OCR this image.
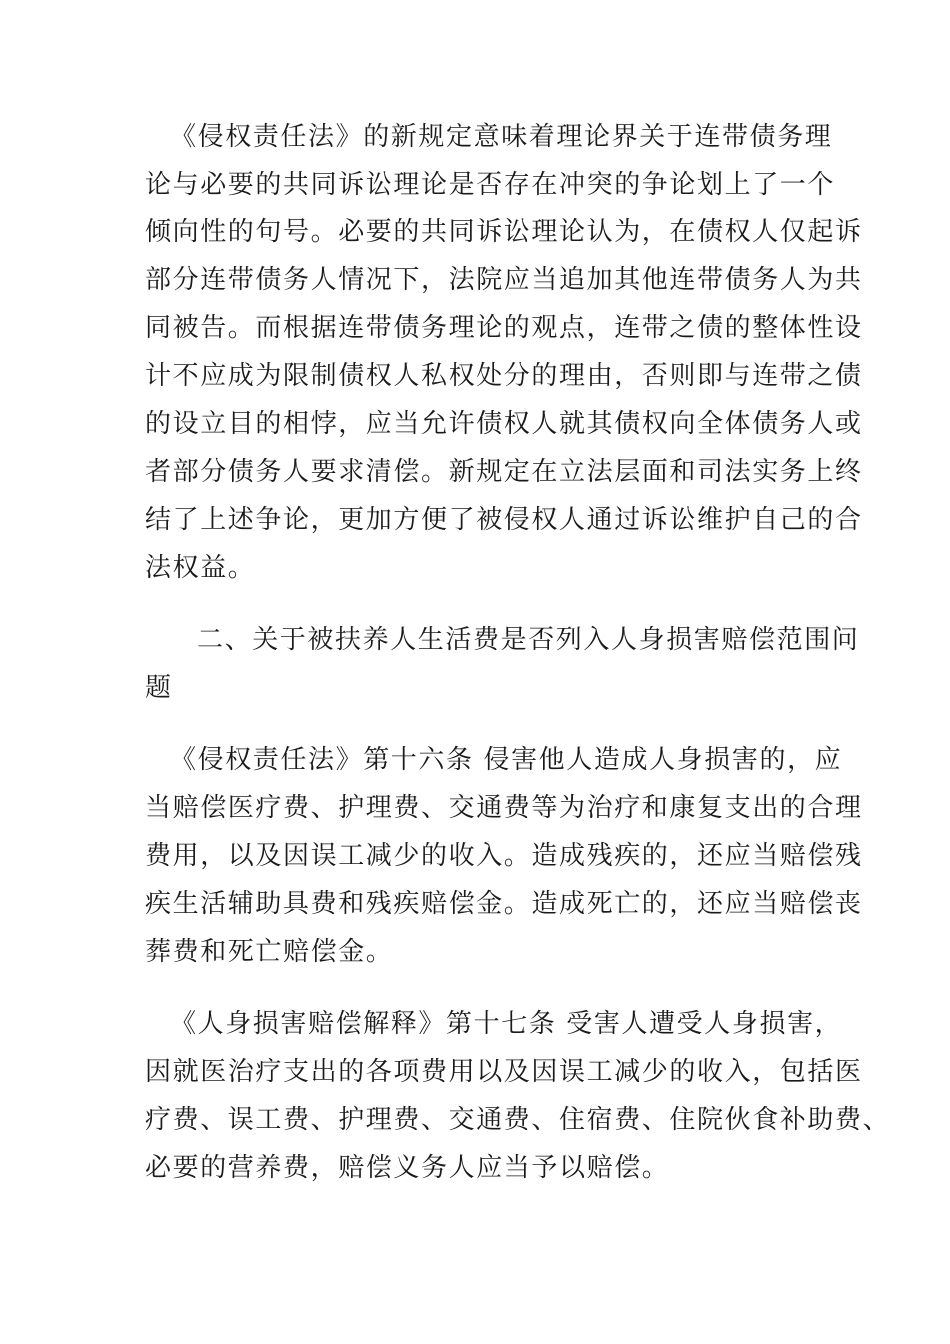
《侵权责任法》的新规定意味着理论界关于连带债务理
论与必要的共同诉讼理论是否存在冲突的争论划上了一个
倾向性的句号。必要的共同诉讼理论认为，在债权人仅起诉
部分连带债务人情况下，法院应当追加其他连带债务人为共
同被告。而根据连带债务理论的观点，连带之债的整体性设
计不应成为限制债权人私权处分的理由，否则即与连带之债
的设立目的相悖，应当允许债权人就其债权向全体债务人或
者部分债务人要求清偿。新规定在立法层面和司法实务上终
结了上述争论，更加方便了被侵权人通过诉讼维护自己的合
法权益。
二、关于被扶养人生活费是否列入人身损害赔偿范围问
题
《侵权责任法》第十六条 侵害他人造成人身损害的，应
当赔偿医疗费、护理费、交通费等为治疗和康复支出的合理
费用，以及因误工减少的收入。造成残疾的，还应当赔偿残
疾生活辅助具费和残疾赔偿金。造成死亡的，还应当赔偿丧
葬费和死亡赔偿金。
《人身损害赔偿解释》第十七条 受害人遭受人身损害，
因就医治疗支出的各项费用以及因误工减少的收入，包括医
疗费、误工费、护理费、交通费、住宿费、住院伙食补助费、
必要的营养费，赔偿义务人应当予以赔偿。
